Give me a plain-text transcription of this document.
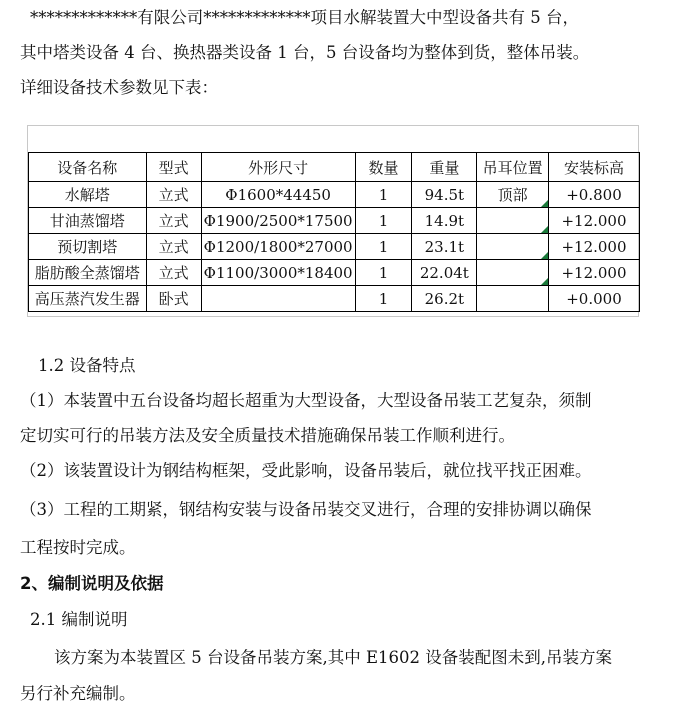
*************有限公司*************项目水解装置大中型设备共有 5 台，
其中塔类设备 4 台、换热器类设备 1 台，5 台设备均为整体到货，整体吊装。
详细设备技术参数见下表：
设备名称	型式	外形尺寸	数量	重量	吊耳位置	安装标高
水解塔	立式	Φ1600*44450	1	94.5t	顶部	+0.800
甘油蒸馏塔	立式	Φ1900/2500*17500	1	14.9t		+12.000
预切割塔	立式	Φ1200/1800*27000	1	23.1t		+12.000
脂肪酸全蒸馏塔	立式	Φ1100/3000*18400	1	22.04t		+12.000
高压蒸汽发生器	卧式		1	26.2t		+0.000
1.2 设备特点
（1）本装置中五台设备均超长超重为大型设备，大型设备吊装工艺复杂，须制
定切实可行的吊装方法及安全质量技术措施确保吊装工作顺利进行。
（2）该装置设计为钢结构框架，受此影响，设备吊装后，就位找平找正困难。
（3）工程的工期紧，钢结构安装与设备吊装交叉进行，合理的安排协调以确保
工程按时完成。
2、编制说明及依据
2.1 编制说明
该方案为本装置区 5 台设备吊装方案,其中 E1602 设备装配图未到,吊装方案
另行补充编制。
